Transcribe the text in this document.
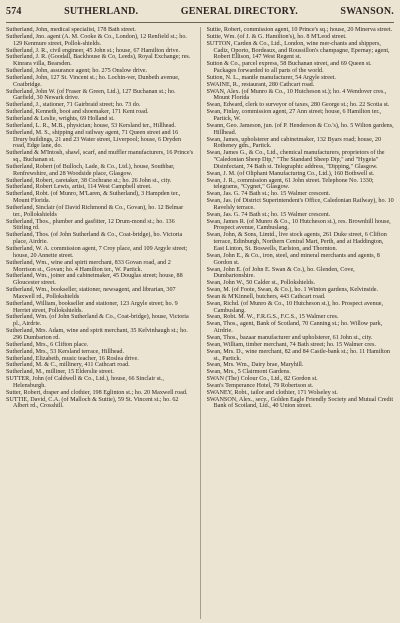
574	SUTHERLAND.	GENERAL DIRECTORY.	SWANSON.

Sutherland, John, medical specialist, 178 Bath street.

Sutherland, Jno. agent (A. M. Cooke & Co., London), 12 Renfield st.; ho. 129 Kenmure street, Pollok-shields.

Sutherland, J. R., civil engineer, 45 John st.; house, 67 Hamilton drive.

Sutherland, J. R. (Goodall, Backhouse & Co, Leeds), Royal Exchange; res. Kinrara villa, Bearsden.

Sutherland, John, assurance agent; ho. 275 Onslow drive.

Sutherland, John, 127 St. Vincent st.; ho. Lochin-ver, Dunbeth avenue, Coatbridge.

Sutherland, John W. (of Fraser & Green, Ltd.), 127 Buchanan st.; ho. Garfield, 30 Newark drive.

Sutherland, J., stationer, 71 Gairbraid street; ho. 73 do.

Sutherland, Kenneth, boot and shoemaker, 171 Kent road.

Sutherland & Leslie, wrights, 69 Holland st.

Sutherland, L. R., M.B., physician; house, 53 Kersland ter., Hillhead.

Sutherland, M. S., shipping and railway agent, 71 Queen street and 16 Drury buildings, 21 and 23 Water street, Liverpool; house, 6 Dryden road, Edge lane, do.

Sutherland & M'Intosh, shawl, scarf, and muffler manufacturers, 16 Prince's sq., Buchanan st.

Sutherland, Robert (of Bulloch, Lade, & Co., Ltd.), house, Southbar, Renfrewshire, and 28 Woodside place, Glasgow.

Sutherland, Robert, caretaker, 38 Cochrane st.; ho. 26 John st., city.

Sutherland, Robert Lewis, artist, 114 West Campbell street.

Sutherland, Robt. (of Munro, M'Laren, & Sutherland), 3 Hampden ter., Mount Florida.

Sutherland, Sinclair (of David Richmond & Co., Govan), ho. 12 Belmar ter., Pollokshields

Sutherland, Thos., plumber and gasfitter, 12 Drum-mond st.; ho. 136 Stirling rd.

Sutherland, Thos. (of John Sutherland & Co., Coat-bridge), ho. Victoria place, Airdrie.

Sutherland, W. A. commission agent, 7 Croy place, and 109 Argyle street; house, 20 Annette street.

Sutherland, Wm., wine and spirit merchant, 833 Govan road, and 2 Morrison st., Govan; ho. 4 Hamilton ter., W. Partick.

Sutherland, Wm., joiner and cabinetmaker, 45 Douglas street; house, 88 Gloucester street.

Sutherland, Wm., bookseller, stationer, newsagent, and librarian, 307 Maxwell rd., Pollokshields

Sutherland, William, bookseller and stationer, 123 Argyle street; ho. 9 Herriet street, Pollokshields.

Sutherland, Wm. (of John Sutherland & Co., Coat-bridge), house, Victoria pl., Airdrie.

Sutherland, Mrs. Adam, wine and spirit merchant, 35 Kelvinhaugh st.; ho. 296 Dumbarton rd.

Sutherland, Mrs., 6 Clifton place.

Sutherland, Mrs., 53 Kersland terrace, Hillhead.

Sutherland, Elizabeth, music teacher, 16 Roslea drive.

Sutherland, M. & C., millinery, 411 Cathcart road.

Sutherland, M., milliner, 15 Elderslie street.

SUTTER, John (of Caldwell & Co., Ltd.), house, 66 Sinclair st., Helensburgh.

Sutter, Robert, draper and clothier, 198 Eglinton st.; ho. 20 Maxwell road.

SUTTIE, David, C.A. (of Malloch & Suttie), 59 St. Vincent st.; ho. 62 Albert rd., Crosshill.

Suttie, Robert, commission agent, 10 Prince's sq.; house, 20 Minerva street.

Suttie, Wm. (of J. & G. Hamilton's), ho. 8 M'Leod street.

SUTTON, Carden & Co., Ltd., London, wine mer-chants and shippers, Cadiz, Oporto, Bordeaux, and Roussillon's champagne, Epernay; agent, Robert Ellison, 147 West Regent st.

Sutton & Co., parcel express, 58 Buchanan street, and 69 Queen st. Packages forwarded to all parts of the world.

Sutton, N. L., mantle manufacturer, 54 Argyle street.

SWAINE, R., restaurant, 280 Cathcart road.

SWAN, Alex. (of Munro & Co., 10 Hutcheson st.); ho. 4 Wendover cres., Mount Florida

Swan, Edward, clerk to surveyor of taxes, 280 George st.; ho. 22 Scotia st.

Swan, Finlay, commission agent, 27 Ann street; house, 6 Hamilton ter., Partick, W.

Swann, Geo. Jameson, jun. (of P. Henderson & Co.'s), ho. 5 Wilton gardens, Hillhead.

Swan, James, upholsterer and cabinetmaker, 132 Byars road; house, 20 Rotheney gdn., Partick.

Swan, James G., & Co., Ltd., chemical manufacturers, proprietors of the "Caledonian Sheep Dip," "The Standard Sheep Dip," and "Hygeia" Disinfectant, 74 Bath st. Telegraphic address, "Dipping," Glasgow.

Swan, J. M. (of Oliphant Manufacturing Co., Ltd.), 160 Bothwell st.

Swan, J. R., commission agent, 61 John street. Telephone No. 1330; telegrams, "Cygnet," Glasgow.

Swan, Jas. G. 74 Bath st.; ho. 15 Walmer crescent.

Swan, Jas. (of District Superintendent's Office, Caledonian Railway), ho. 10 Ravelsly terrace.

Swan, Jas. G. 74 Bath st.; ho. 15 Walmer crescent.

Swan, James R. (of Munro & Co., 10 Hutcheson st.), res. Brownhill house, Prospect avenue, Cambuslang.

Swan, John, & Sons, Limtd., live stock agents, 261 Duke street, 6 Clifton terrace, Edinburgh, Northern Central Mart, Perth, and at Haddington, East Linton, St. Boswells, Earlston, and Thornton.

Swan, John E., & Co., iron, steel, and mineral merchants and agents, 8 Gordon st.

Swan, John E. (of John E. Swan & Co.), ho. Glenden, Cove, Dumbartonshire.

Swan, John W., 50 Calder st., Pollokshields.

Swan, M. (of Foote, Swan, & Co.), ho. 1 Winton gardens, Kelvinside.

Swan & M'Kinnell, butchers, 443 Cathcart road.

Swan, Richd. (of Munro & Co., 10 Hutcheson st.), ho. Prospect avenue, Cambuslang.

Swan, Robt. M. W., F.R.G.S., F.C.S., 15 Walmer cres.

Swan, Thos., agent, Bank of Scotland, 70 Canning st.; ho. Willow park, Airdrie.

Swan, Thos., bazaar manufacturer and upholsterer, 61 John st., city.

Swan, William, timber merchant, 74 Bath street; ho. 15 Walmer cres.

Swan, Mrs. D., wine merchant, 82 and 84 Castle-bank st.; ho. 11 Hamilton st., Partick.

Swan, Mrs. Wm., Dairy brae, Maryhill.

Swan, Mrs., 5 Clairmont Gardens.

SWAN (The) Colour Co., Ltd., 82 Gordon st.

Swan's Temperance Hotel, 79 Robertson st.

SWANEY, Robt., tailor and clothier, 171 Wolseley st.

SWANSON, Alex., secy., Golden Eagle Friendly Society and Mutual Credit Bank of Scotland, Ltd., 40 Union street.
